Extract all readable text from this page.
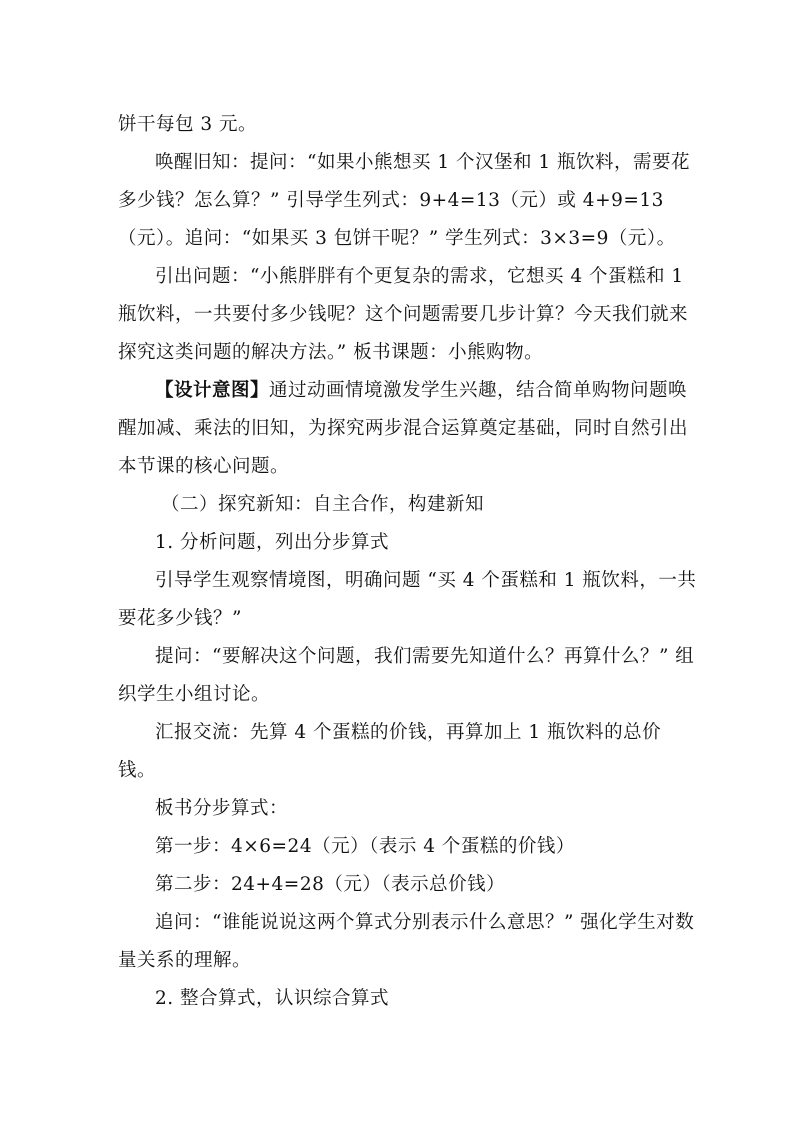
饼干每包 3 元。

唤醒旧知：提问：“如果小熊想买 1 个汉堡和 1 瓶饮料，需要花多少钱？怎么算？” 引导学生列式：9+4=13（元）或 4+9=13（元）。追问：“如果买 3 包饼干呢？” 学生列式：3×3=9（元）。

引出问题：“小熊胖胖有个更复杂的需求，它想买 4 个蛋糕和 1 瓶饮料，一共要付多少钱呢？这个问题需要几步计算？今天我们就来探究这类问题的解决方法。” 板书课题：小熊购物。

【设计意图】通过动画情境激发学生兴趣，结合简单购物问题唤醒加减、乘法的旧知，为探究两步混合运算奠定基础，同时自然引出本节课的核心问题。

（二）探究新知：自主合作，构建新知

1. 分析问题，列出分步算式

引导学生观察情境图，明确问题 “买 4 个蛋糕和 1 瓶饮料，一共要花多少钱？”

提问：“要解决这个问题，我们需要先知道什么？再算什么？” 组织学生小组讨论。

汇报交流：先算 4 个蛋糕的价钱，再算加上 1 瓶饮料的总价钱。

板书分步算式：

第一步：4×6=24（元）（表示 4 个蛋糕的价钱）

第二步：24+4=28（元）（表示总价钱）

追问：“谁能说说这两个算式分别表示什么意思？” 强化学生对数量关系的理解。

2. 整合算式，认识综合算式
